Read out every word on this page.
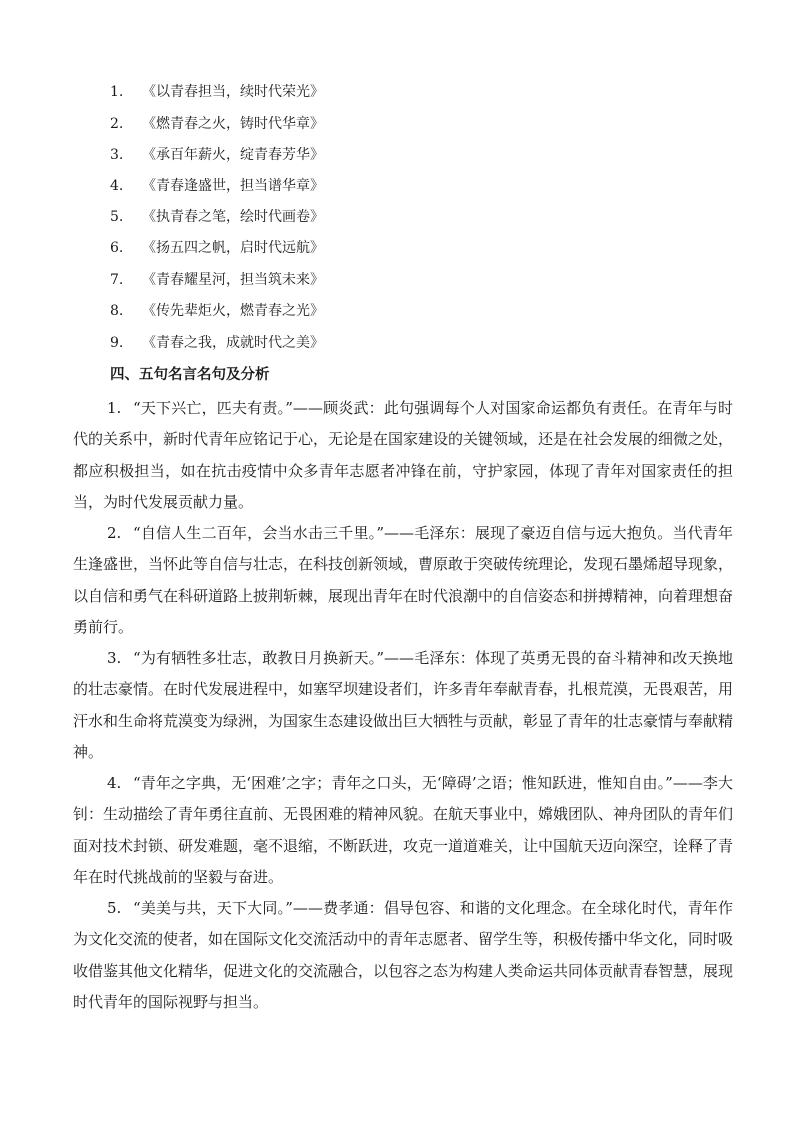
1. 《以青春担当，续时代荣光》
2. 《燃青春之火，铸时代华章》
3. 《承百年薪火，绽青春芳华》
4. 《青春逢盛世，担当谱华章》
5. 《执青春之笔，绘时代画卷》
6. 《扬五四之帆，启时代远航》
7. 《青春耀星河，担当筑未来》
8. 《传先辈炬火，燃青春之光》
9. 《青春之我，成就时代之美》
四、五句名言名句及分析
1. “天下兴亡，匹夫有责。”——顾炎武：此句强调每个人对国家命运都负有责任。在青年与时代的关系中，新时代青年应铭记于心，无论是在国家建设的关键领域，还是在社会发展的细微之处，都应积极担当，如在抗击疫情中众多青年志愿者冲锋在前，守护家园，体现了青年对国家责任的担当，为时代发展贡献力量。
2. “自信人生二百年，会当水击三千里。”——毛泽东：展现了豪迈自信与远大抱负。当代青年生逢盛世，当怀此等自信与壮志，在科技创新领域，曹原敢于突破传统理论，发现石墨烯超导现象，以自信和勇气在科研道路上披荆斩棘，展现出青年在时代浪潮中的自信姿态和拼搏精神，向着理想奋勇前行。
3. “为有牺牲多壮志，敢教日月换新天。”——毛泽东：体现了英勇无畏的奋斗精神和改天换地的壮志豪情。在时代发展进程中，如塞罕坝建设者们，许多青年奉献青春，扎根荒漠，无畏艰苦，用汗水和生命将荒漠变为绿洲，为国家生态建设做出巨大牺牲与贡献，彰显了青年的壮志豪情与奉献精神。
4. “青年之字典，无‘困难’之字；青年之口头，无‘障碍’之语；惟知跃进，惟知自由。”——李大钊：生动描绘了青年勇往直前、无畏困难的精神风貌。在航天事业中，嫦娥团队、神舟团队的青年们面对技术封锁、研发难题，毫不退缩，不断跃进，攻克一道道难关，让中国航天迈向深空，诠释了青年在时代挑战前的坚毅与奋进。
5. “美美与共，天下大同。”——费孝通：倡导包容、和谐的文化理念。在全球化时代，青年作为文化交流的使者，如在国际文化交流活动中的青年志愿者、留学生等，积极传播中华文化，同时吸收借鉴其他文化精华，促进文化的交流融合，以包容之态为构建人类命运共同体贡献青春智慧，展现时代青年的国际视野与担当。
